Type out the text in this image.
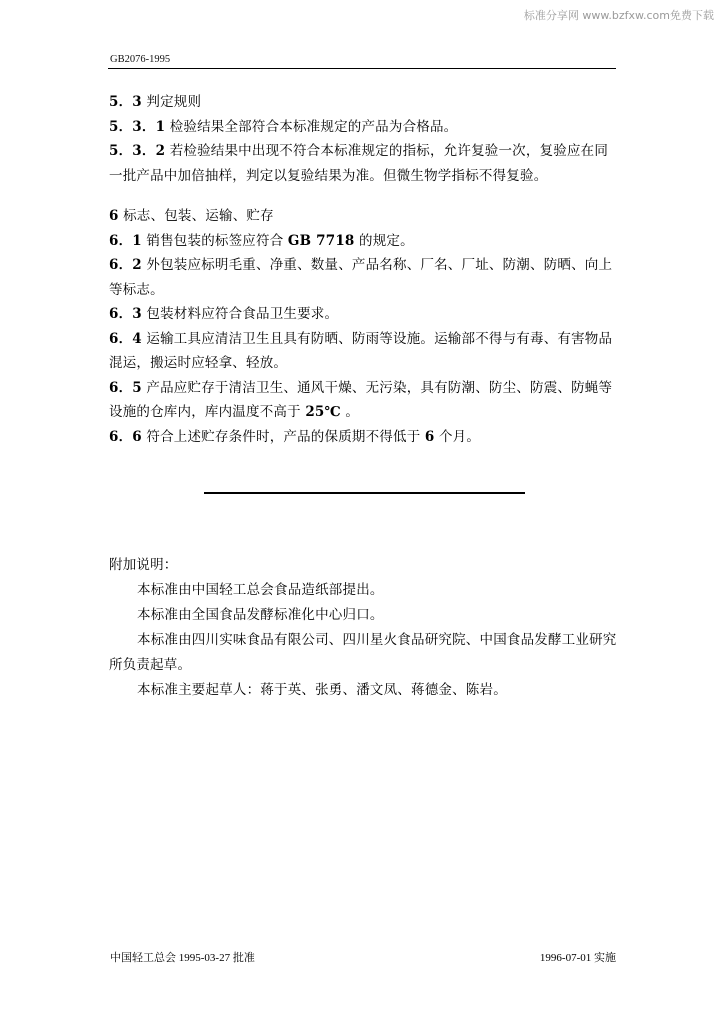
标准分享网 www.bzfxw.com免费下载
GB2076-1995

5．3 判定规则

5．3．1 检验结果全部符合本标准规定的产品为合格品。

5．3．2 若检验结果中出现不符合本标准规定的指标，允许复验一次，复验应在同一批产品中加倍抽样，判定以复验结果为准。但微生物学指标不得复验。

6 标志、包装、运输、贮存

6．1 销售包装的标签应符合 GB 7718 的规定。

6．2 外包装应标明毛重、净重、数量、产品名称、厂名、厂址、防潮、防晒、向上等标志。

6．3 包装材料应符合食品卫生要求。

6．4 运输工具应清洁卫生且具有防晒、防雨等设施。运输部不得与有毒、有害物品混运，搬运时应轻拿、轻放。

6．5 产品应贮存于清洁卫生、通风干燥、无污染，具有防潮、防尘、防震、防蝇等设施的仓库内，库内温度不高于 25℃ 。

6．6 符合上述贮存条件时，产品的保质期不得低于 6 个月。

附加说明：

本标准由中国轻工总会食品造纸部提出。

本标准由全国食品发酵标准化中心归口。

本标准由四川实味食品有限公司、四川星火食品研究院、中国食品发酵工业研究所负责起草。

本标准主要起草人：蒋于英、张勇、潘文凤、蒋德金、陈岩。

中国轻工总会 1995-03-27 批准	1996-07-01 实施
